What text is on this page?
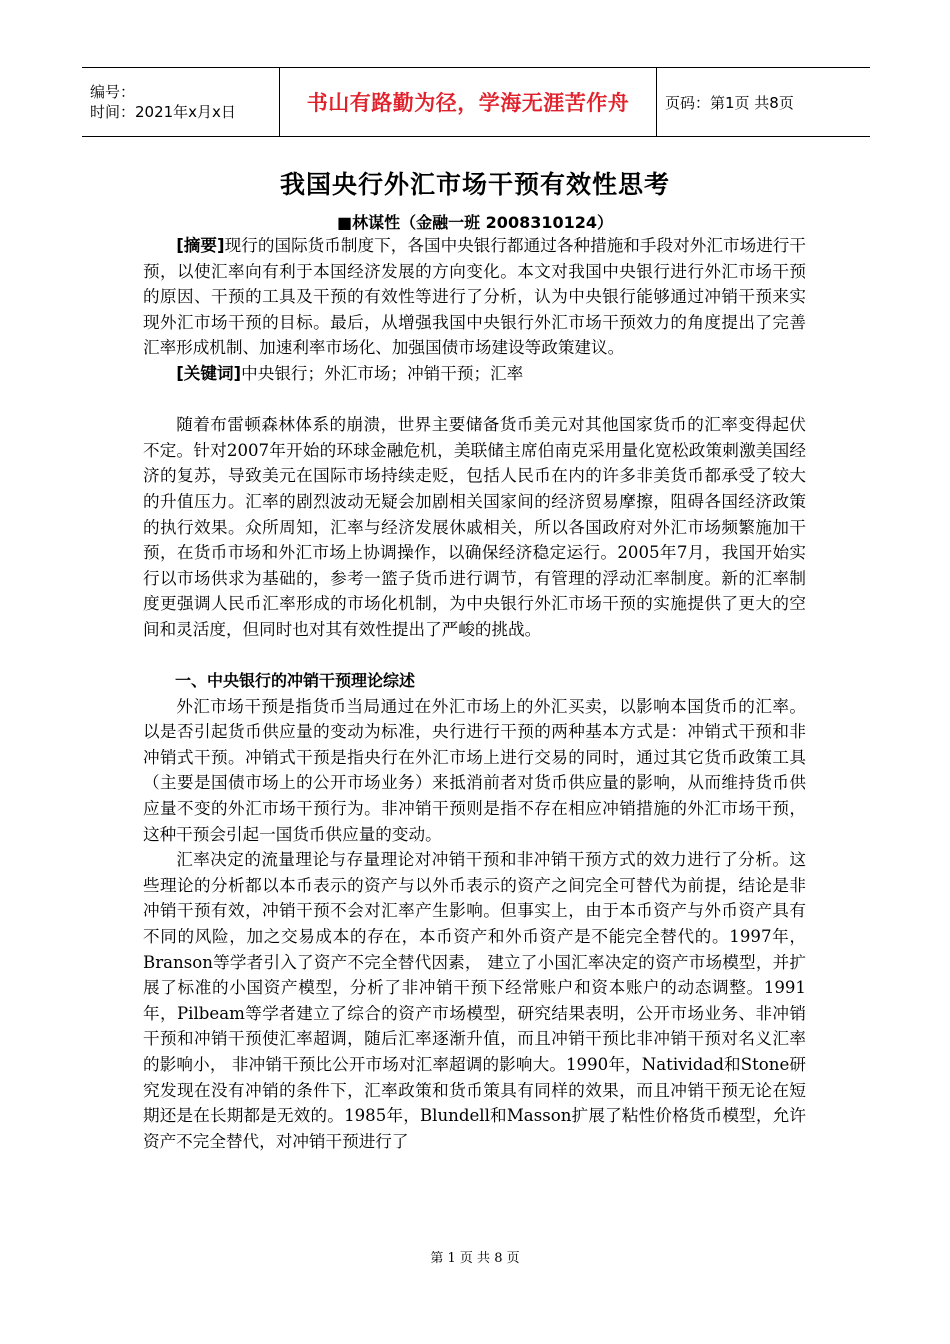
编号：
时间：2021年x月x日	书山有路勤为径，学海无涯苦作舟 页码：第1页 共8页
我国央行外汇市场干预有效性思考
■林谋性（金融一班 2008310124）

[摘要]现行的国际货币制度下，各国中央银行都通过各种措施和手段对外汇市场进行干预，以使汇率向有利于本国经济发展的方向变化。本文对我国中央银行进行外汇市场干预的原因、干预的工具及干预的有效性等进行了分析，认为中央银行能够通过冲销干预来实现外汇市场干预的目标。最后，从增强我国中央银行外汇市场干预效力的角度提出了完善汇率形成机制、加速利率市场化、加强国债市场建设等政策建议。

[关键词]中央银行；外汇市场；冲销干预；汇率

随着布雷顿森林体系的崩溃，世界主要储备货币美元对其他国家货币的汇率变得起伏不定。针对2007年开始的环球金融危机，美联储主席伯南克采用量化宽松政策刺激美国经济的复苏，导致美元在国际市场持续走贬，包括人民币在内的许多非美货币都承受了较大的升值压力。汇率的剧烈波动无疑会加剧相关国家间的经济贸易摩擦，阻碍各国经济政策的执行效果。众所周知，汇率与经济发展休戚相关，所以各国政府对外汇市场频繁施加干预，在货币市场和外汇市场上协调操作，以确保经济稳定运行。2005年7月，我国开始实行以市场供求为基础的，参考一篮子货币进行调节，有管理的浮动汇率制度。新的汇率制度更强调人民币汇率形成的市场化机制，为中央银行外汇市场干预的实施提供了更大的空间和灵活度，但同时也对其有效性提出了严峻的挑战。

一、中央银行的冲销干预理论综述

外汇市场干预是指货币当局通过在外汇市场上的外汇买卖，以影响本国货币的汇率。以是否引起货币供应量的变动为标准，央行进行干预的两种基本方式是：冲销式干预和非冲销式干预。冲销式干预是指央行在外汇市场上进行交易的同时，通过其它货币政策工具（主要是国债市场上的公开市场业务）来抵消前者对货币供应量的影响，从而维持货币供应量不变的外汇市场干预行为。非冲销干预则是指不存在相应冲销措施的外汇市场干预，这种干预会引起一国货币供应量的变动。

汇率决定的流量理论与存量理论对冲销干预和非冲销干预方式的效力进行了分析。这些理论的分析都以本币表示的资产与以外币表示的资产之间完全可替代为前提，结论是非冲销干预有效，冲销干预不会对汇率产生影响。但事实上，由于本币资产与外币资产具有不同的风险，加之交易成本的存在，本币资产和外币资产是不能完全替代的。1997年，Branson等学者引入了资产不完全替代因素， 建立了小国汇率决定的资产市场模型，并扩展了标准的小国资产模型，分析了非冲销干预下经常账户和资本账户的动态调整。1991年，Pilbeam等学者建立了综合的资产市场模型，研究结果表明，公开市场业务、非冲销干预和冲销干预使汇率超调，随后汇率逐渐升值，而且冲销干预比非冲销干预对名义汇率的影响小， 非冲销干预比公开市场对汇率超调的影响大。1990年，Natividad和Stone研究发现在没有冲销的条件下，汇率政策和货币策具有同样的效果，而且冲销干预无论在短期还是在长期都是无效的。1985年，Blundell和Masson扩展了粘性价格货币模型，允许资产不完全替代，对冲销干预进行了

第 1 页 共 8 页
